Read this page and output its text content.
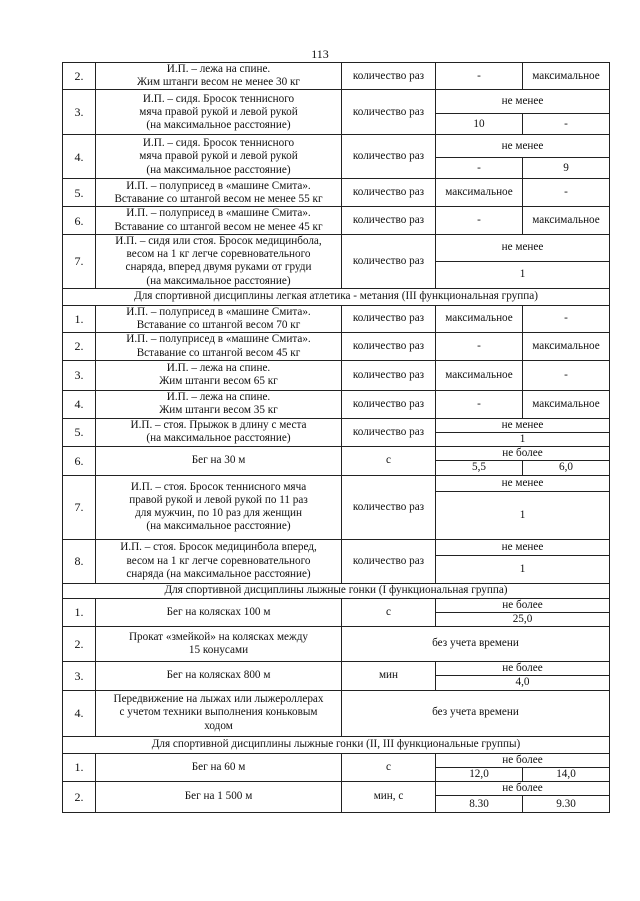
113
2.	И.П. – лежа на спине.
Жим штанги весом не менее 30 кг	количество раз	-	максимальное
3.	И.П. – сидя. Бросок теннисного
мяча правой рукой и левой рукой
(на максимальное расстояние)	количество раз	не менее	
			10	-
4.	И.П. – сидя. Бросок теннисного
мяча правой рукой и левой рукой
(на максимальное расстояние)	количество раз	не менее	
			-	9
5.	И.П. – полуприсед в «машине Смита».
Вставание со штангой весом не менее 55 кг	количество раз	максимальное	-
6.	И.П. – полуприсед в «машине Смита».
Вставание со штангой весом не менее 45 кг	количество раз	-	максимальное
7.	И.П. – сидя или стоя. Бросок медицинбола,
весом на 1 кг легче соревновательного
снаряда, вперед двумя руками от груди
(на максимальное расстояние)	количество раз	не менее	
			1	
Для спортивной дисциплины легкая атлетика - метания (III функциональная группа)				
1.	И.П. – полуприсед в «машине Смита».
Вставание со штангой весом 70 кг	количество раз	максимальное	-
2.	И.П. – полуприсед в «машине Смита».
Вставание со штангой весом 45 кг	количество раз	-	максимальное
3.	И.П. – лежа на спине.
Жим штанги весом 65 кг	количество раз	максимальное	-
4.	И.П. – лежа на спине.
Жим штанги весом 35 кг	количество раз	-	максимальное
5.	И.П. – стоя. Прыжок в длину с места
(на максимальное расстояние)	количество раз	не менее	
			1	
6.	Бег на 30 м	с	не более	
			5,5	6,0
7.	И.П. – стоя. Бросок теннисного мяча
правой рукой и левой рукой по 11 раз
для мужчин, по 10 раз для женщин
(на максимальное расстояние)	количество раз	не менее	
			1	
8.	И.П. – стоя. Бросок медицинбола вперед,
весом на 1 кг легче соревновательного
снаряда (на максимальное расстояние)	количество раз	не менее	
			1	
Для спортивной дисциплины лыжные гонки (I функциональная группа)				
1.	Бег на колясках 100 м	с	не более	
			25,0	
2.	Прокат «змейкой» на колясках между
15 конусами	без учета времени		
3.	Бег на колясках 800 м	мин	не более	
			4,0	
4.	Передвижение на лыжах или лыжероллерах
с учетом техники выполнения коньковым
ходом	без учета времени		
Для спортивной дисциплины лыжные гонки (II, III функциональные группы)				
1.	Бег на 60 м	с	не более	
			12,0	14,0
2.	Бег на 1 500 м	мин, с	не более	
			8.30	9.30
